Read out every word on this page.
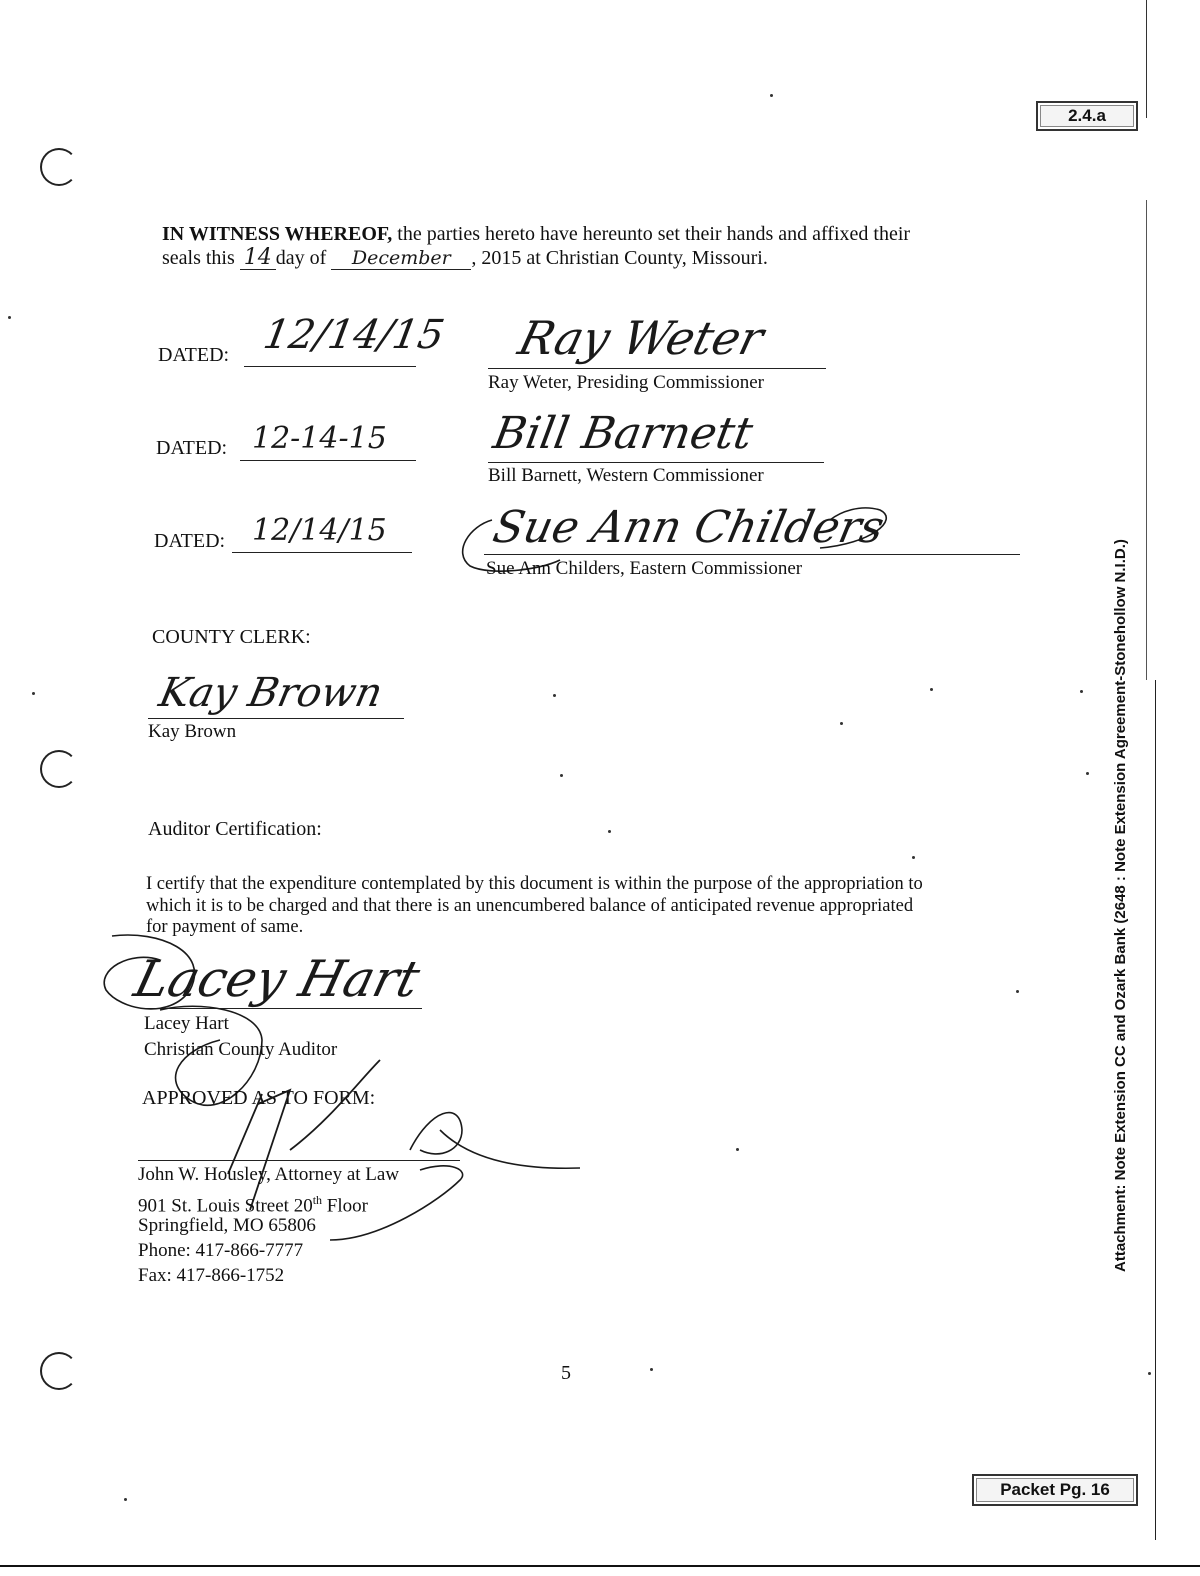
2.4.a
Packet Pg. 16
Attachment: Note Extension CC and Ozark Bank (2648 : Note Extension Agreement-Stonehollow N.I.D.)
IN WITNESS WHEREOF, the parties hereto have hereunto set their hands and affixed their
seals this 14 day of December , 2015 at Christian County, Missouri.
DATED: 12/14/15 Ray Weter
Ray Weter, Presiding Commissioner
DATED: 12-14-15 Bill Barnett
Bill Barnett, Western Commissioner
DATED: 12/14/15 Sue Ann Childers
Sue Ann Childers, Eastern Commissioner
COUNTY CLERK:
Kay Brown
Kay Brown
Auditor Certification:
I certify that the expenditure contemplated by this document is within the purpose of the appropriation to
which it is to be charged and that there is an unencumbered balance of anticipated revenue appropriated
for payment of same.
Lacey Hart
Lacey Hart
Christian County Auditor
APPROVED AS TO FORM:
John W. Housley, Attorney at Law
901 St. Louis Street 20th Floor
Springfield, MO 65806
Phone: 417-866-7777
Fax: 417-866-1752
5
